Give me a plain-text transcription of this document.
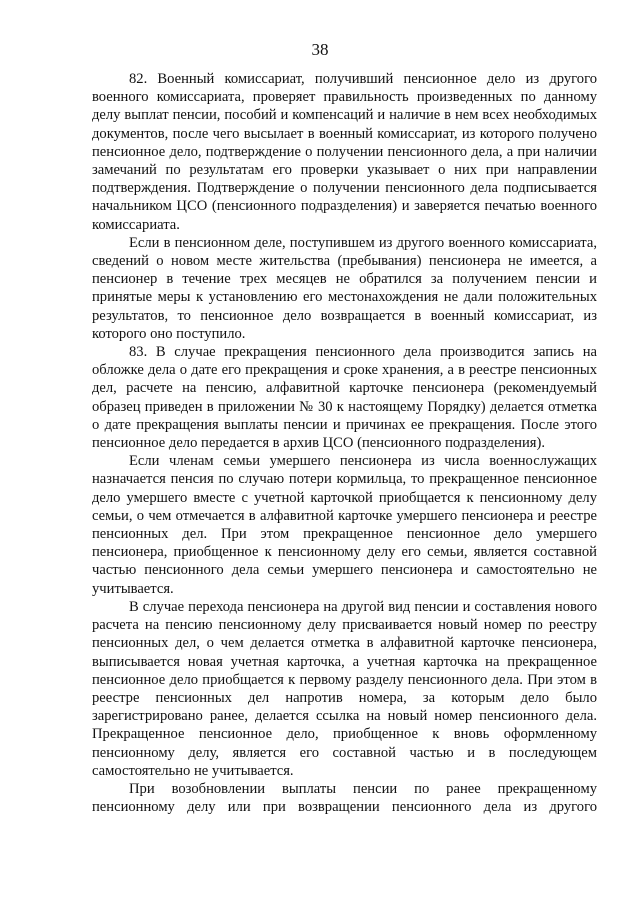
38

82. Военный комиссариат, получивший пенсионное дело из другого военного комиссариата, проверяет правильность произведенных по данному делу выплат пенсии, пособий и компенсаций и наличие в нем всех необходимых документов, после чего высылает в военный комиссариат, из которого получено пенсионное дело, подтверждение о получении пенсионного дела, а при наличии замечаний по результатам его проверки указывает о них при направлении подтверждения. Подтверждение о получении пенсионного дела подписывается начальником ЦСО (пенсионного подразделения) и заверяется печатью военного комиссариата.

Если в пенсионном деле, поступившем из другого военного комиссариата, сведений о новом месте жительства (пребывания) пенсионера не имеется, а пенсионер в течение трех месяцев не обратился за получением пенсии и принятые меры к установлению его местонахождения не дали положительных результатов, то пенсионное дело возвращается в военный комиссариат, из которого оно поступило.

83. В случае прекращения пенсионного дела производится запись на обложке дела о дате его прекращения и сроке хранения, а в реестре пенсионных дел, расчете на пенсию, алфавитной карточке пенсионера (рекомендуемый образец приведен в приложении № 30 к настоящему Порядку) делается отметка о дате прекращения выплаты пенсии и причинах ее прекращения. После этого пенсионное дело передается в архив ЦСО (пенсионного подразделения).

Если членам семьи умершего пенсионера из числа военнослужащих назначается пенсия по случаю потери кормильца, то прекращенное пенсионное дело умершего вместе с учетной карточкой приобщается к пенсионному делу семьи, о чем отмечается в алфавитной карточке умершего пенсионера и реестре пенсионных дел. При этом прекращенное пенсионное дело умершего пенсионера, приобщенное к пенсионному делу его семьи, является составной частью пенсионного дела семьи умершего пенсионера и самостоятельно не учитывается.

В случае перехода пенсионера на другой вид пенсии и составления нового расчета на пенсию пенсионному делу присваивается новый номер по реестру пенсионных дел, о чем делается отметка в алфавитной карточке пенсионера, выписывается новая учетная карточка, а учетная карточка на прекращенное пенсионное дело приобщается к первому разделу пенсионного дела. При этом в реестре пенсионных дел напротив номера, за которым дело было зарегистрировано ранее, делается ссылка на новый номер пенсионного дела. Прекращенное пенсионное дело, приобщенное к вновь оформленному пенсионному делу, является его составной частью и в последующем самостоятельно не учитывается.

При возобновлении выплаты пенсии по ранее прекращенному пенсионному делу или при возвращении пенсионного дела из другого
